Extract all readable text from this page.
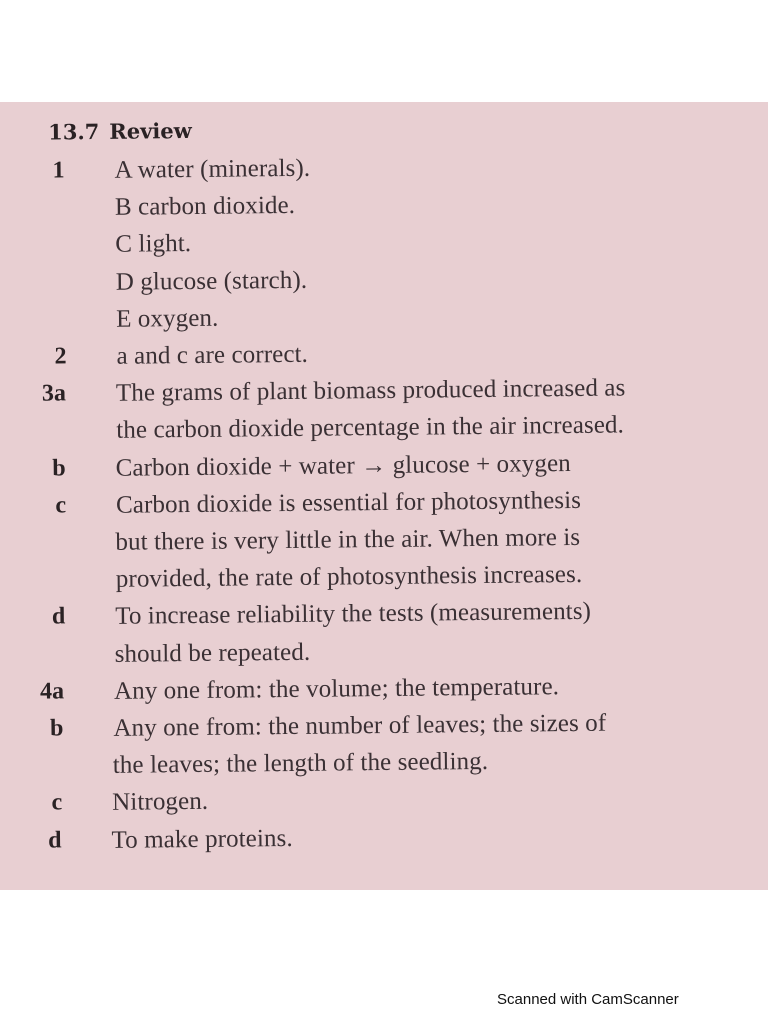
13.7 Review
1 A water (minerals).
B carbon dioxide.
C light.
D glucose (starch).
E oxygen.
2 a and c are correct.
3a The grams of plant biomass produced increased as
the carbon dioxide percentage in the air increased.
b Carbon dioxide + water → glucose + oxygen
c Carbon dioxide is essential for photosynthesis
but there is very little in the air. When more is
provided, the rate of photosynthesis increases.
d To increase reliability the tests (measurements)
should be repeated.
4a Any one from: the volume; the temperature.
b Any one from: the number of leaves; the sizes of
the leaves; the length of the seedling.
c Nitrogen.
d To make proteins.
Scanned with CamScanner
